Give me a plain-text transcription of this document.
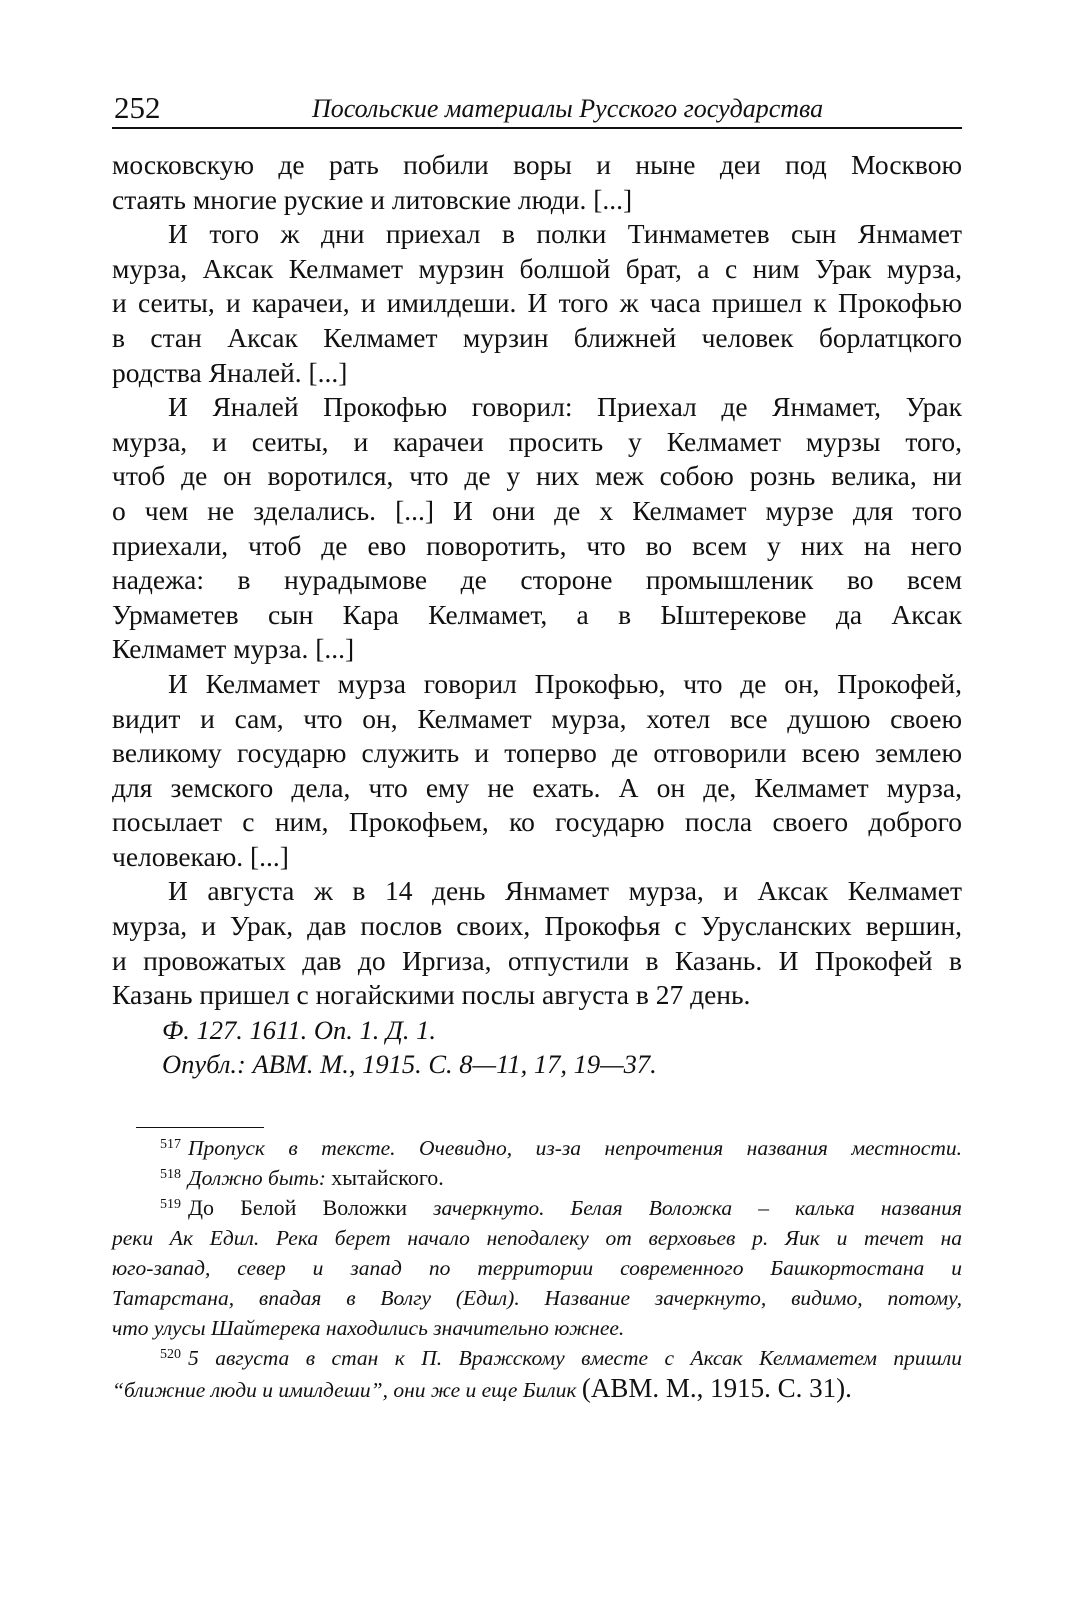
252	Посольские материалы Русского государства
московскую де рать побили воры и ныне деи под Москвою
стаять многие руские и литовские люди. [...]
И того ж дни приехал в полки Тинмаметев сын Янмамет
мурза, Аксак Келмамет мурзин болшой брат, а с ним Урак мурза,
и сеиты, и карачеи, и имилдеши. И того ж часа пришел к Прокофью
в стан Аксак Келмамет мурзин ближней человек борлатцкого
родства Яналей. [...]
И Яналей Прокофью говорил: Приехал де Янмамет, Урак
мурза, и сеиты, и карачеи просить у Келмамет мурзы того,
чтоб де он воротился, что де у них меж собою рознь велика, ни
о чем не зделались. [...] И они де х Келмамет мурзе для того
приехали, чтоб де ево поворотить, что во всем у них на него
надежа: в нурадымове де стороне промышленик во всем
Урмаметев сын Кара Келмамет, а в Ыштерекове да Аксак
Келмамет мурза. [...]
И Келмамет мурза говорил Прокофью, что де он, Прокофей,
видит и сам, что он, Келмамет мурза, хотел все душою своею
великому государю служить и топерво де отговорили всею землею
для земского дела, что ему не ехать. А он де, Келмамет мурза,
посылает с ним, Прокофьем, ко государю посла своего доброго
человекаю. [...]
И августа ж в 14 день Янмамет мурза, и Аксак Келмамет
мурза, и Урак, дав послов своих, Прокофья с Урусланских вершин,
и провожатых дав до Иргиза, отпустили в Казань. И Прокофей в
Казань пришел с ногайскими послы августа в 27 день.
Ф. 127. 1611. Оп. 1. Д. 1.
Опубл.: АВМ. М., 1915. С. 8—11, 17, 19—37.
$^{517}$ Пропуск в тексте. Очевидно, из-за непрочтения названия местности.
$^{518}$ Должно быть: хытайского.
$^{519}$ До Белой Воложки зачеркнуто. Белая Воложка – калька названия
реки Ак Едил. Река берет начало неподалеку от верховьев р. Яик и течет на
юго-запад, север и запад по территории современного Башкортостана и
Татарстана, впадая в Волгу (Едил). Название зачеркнуто, видимо, потому,
что улусы Шайтерека находились значительно южнее.
$^{520}$ 5 августа в стан к П. Вражскому вместе с Аксак Келмаметем пришли
“ближние люди и имилдеши”, они же и еще Билик (АВМ. М., 1915. С. 31).
